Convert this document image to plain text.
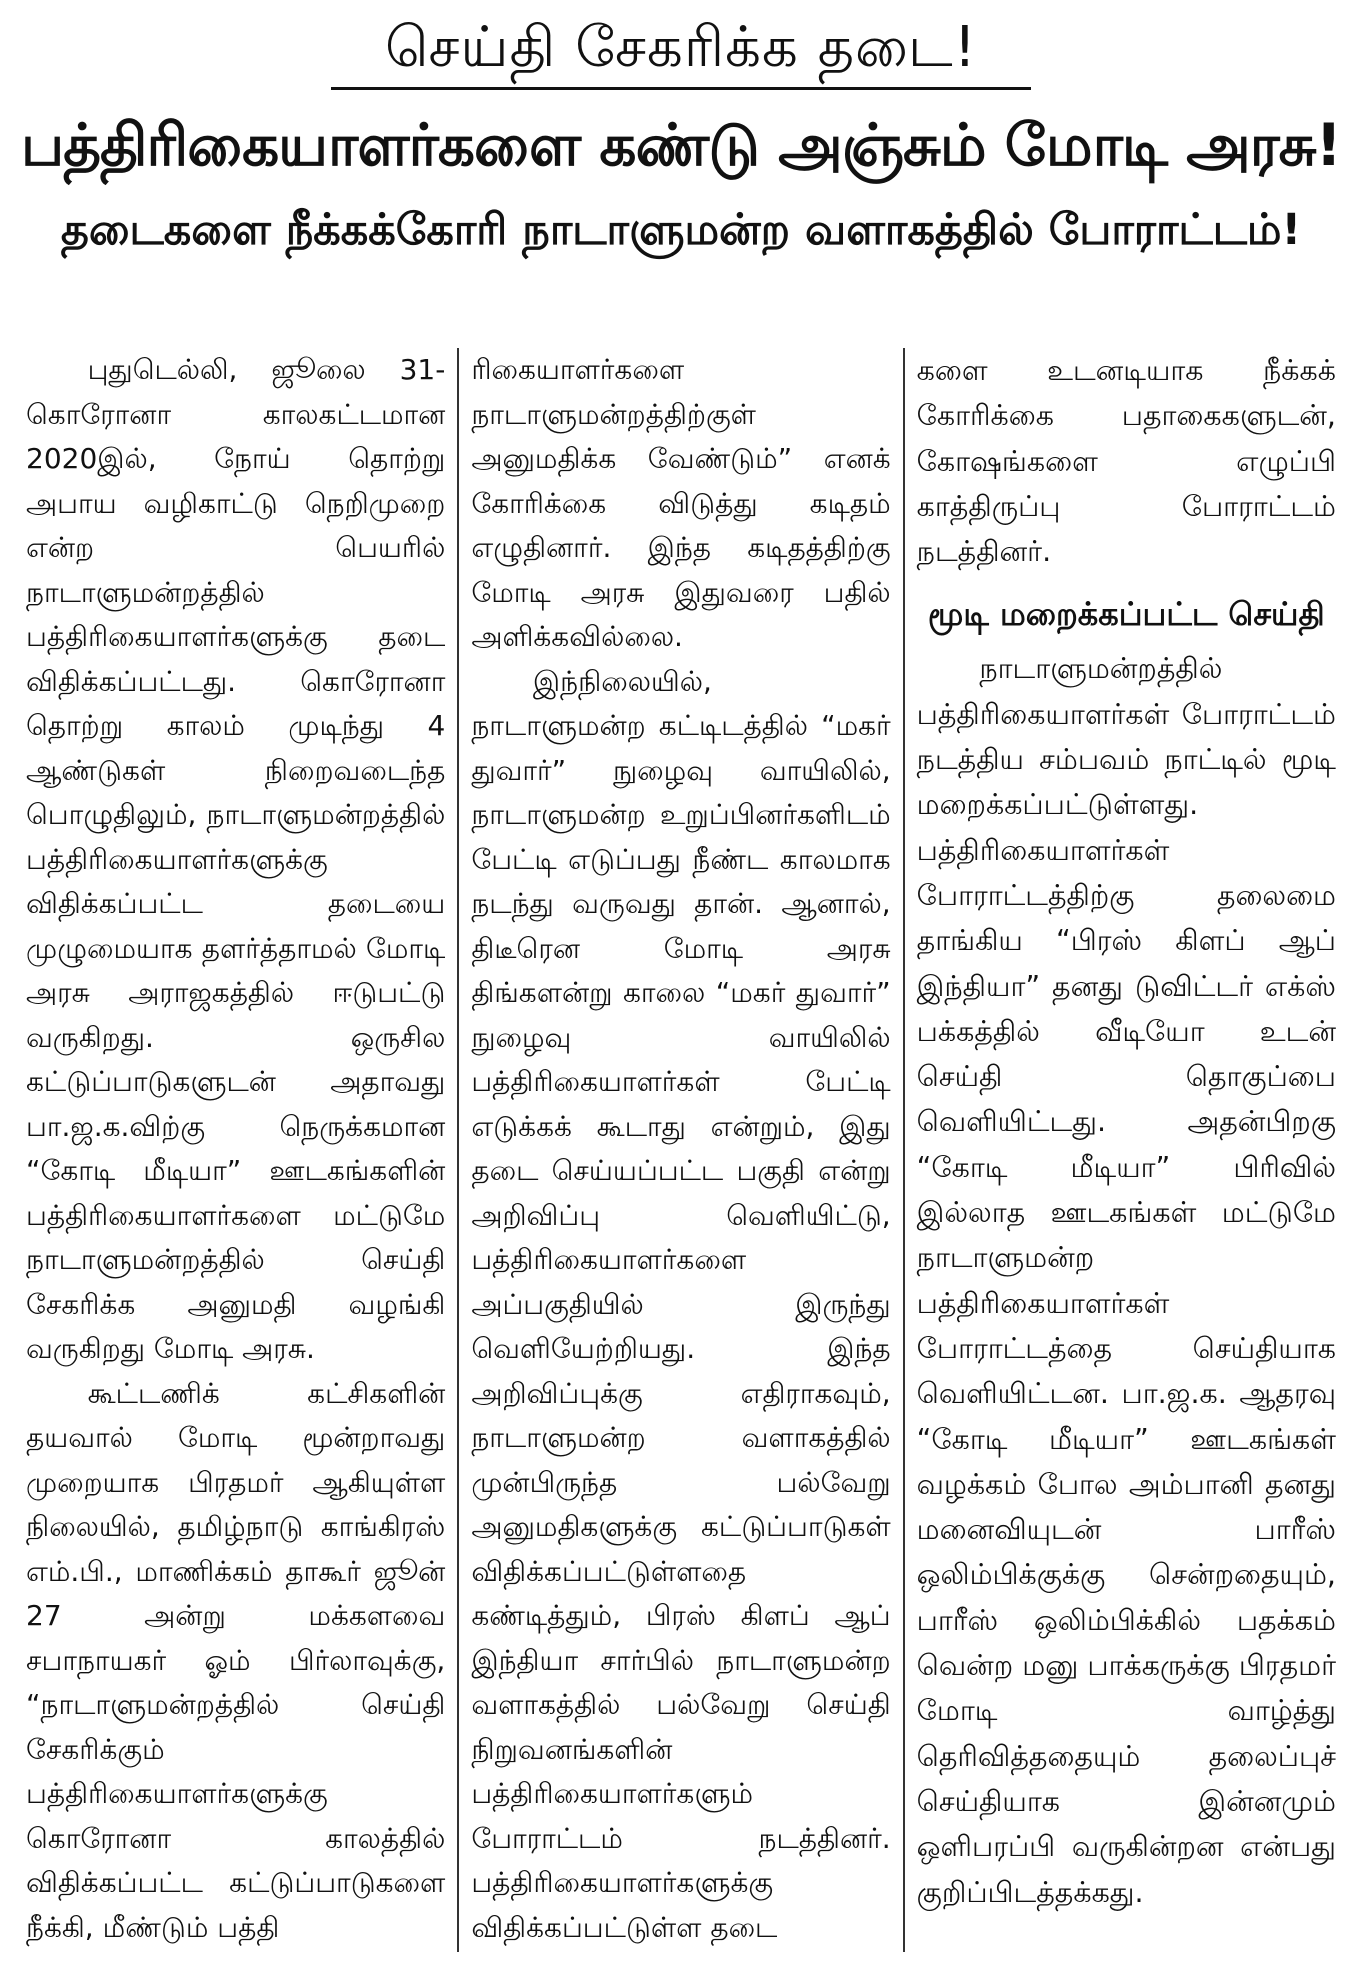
செய்தி சேகரிக்க தடை!
பத்திரிகையாளர்களை கண்டு அஞ்சும் மோடி அரசு!
தடைகளை நீக்கக்கோரி நாடாளுமன்ற வளாகத்தில் போராட்டம்!

புதுடெல்லி, ஜூலை 31- கொரோனா காலகட்டமான 2020இல், நோய் தொற்று அபாய வழிகாட்டு நெறிமுறை என்ற பெயரில் நாடாளுமன்றத்தில் பத்திரிகையாளர்களுக்கு தடை விதிக்கப்பட்டது. கொரோனா தொற்று காலம் முடிந்து 4 ஆண்டுகள் நிறைவடைந்த பொழுதிலும், நாடாளுமன்றத்தில் பத்திரிகையாளர்களுக்கு விதிக்கப்பட்ட தடையை முழுமையாக தளர்த்தாமல் மோடி அரசு அராஜகத்தில் ஈடுபட்டு வருகிறது. ஒருசில கட்டுப்பாடுகளுடன் அதாவது பா.ஜ.க.விற்கு நெருக்கமான “கோடி மீடியா” ஊடகங்களின் பத்திரிகையாளர்களை மட்டுமே நாடாளுமன்றத்தில் செய்தி சேகரிக்க அனுமதி வழங்கி வருகிறது மோடி அரசு.

கூட்டணிக் கட்சிகளின் தயவால் மோடி மூன்றாவது முறையாக பிரதமர் ஆகியுள்ள நிலையில், தமிழ்நாடு காங்கிரஸ் எம்.பி., மாணிக்கம் தாகூர் ஜூன் 27 அன்று மக்களவை சபாநாயகர் ஓம் பிர்லாவுக்கு, “நாடாளுமன்றத்தில் செய்தி சேகரிக்கும் பத்திரிகையாளர்களுக்கு கொரோனா காலத்தில் விதிக்கப்பட்ட கட்டுப்பாடுகளை நீக்கி, மீண்டும் பத்தி

ரிகையாளர்களை நாடாளுமன்றத்திற்குள் அனுமதிக்க வேண்டும்” எனக் கோரிக்கை விடுத்து கடிதம் எழுதினார். இந்த கடிதத்திற்கு மோடி அரசு இதுவரை பதில் அளிக்கவில்லை.

இந்நிலையில், நாடாளுமன்ற கட்டிடத்தில் “மகர் துவார்” நுழைவு வாயிலில், நாடாளுமன்ற உறுப்பினர்களிடம் பேட்டி எடுப்பது நீண்ட காலமாக நடந்து வருவது தான். ஆனால், திடீரென மோடி அரசு திங்களன்று காலை “மகர் துவார்” நுழைவு வாயிலில் பத்திரிகையாளர்கள் பேட்டி எடுக்கக் கூடாது என்றும், இது தடை செய்யப்பட்ட பகுதி என்று அறிவிப்பு வெளியிட்டு, பத்திரிகையாளர்களை அப்பகுதியில் இருந்து வெளியேற்றியது. இந்த அறிவிப்புக்கு எதிராகவும், நாடாளுமன்ற வளாகத்தில் முன்பிருந்த பல்வேறு அனுமதிகளுக்கு கட்டுப்பாடுகள் விதிக்கப்பட்டுள்ளதை கண்டித்தும், பிரஸ் கிளப் ஆப் இந்தியா சார்பில் நாடாளுமன்ற வளாகத்தில் பல்வேறு செய்தி நிறுவனங்களின் பத்திரிகையாளர்களும் போராட்டம் நடத்தினர். பத்திரிகையாளர்களுக்கு விதிக்கப்பட்டுள்ள தடை

களை உடனடியாக நீக்கக் கோரிக்கை பதாகைகளுடன், கோஷங்களை எழுப்பி காத்திருப்பு போராட்டம் நடத்தினர்.

மூடி மறைக்கப்பட்ட செய்தி

நாடாளுமன்றத்தில் பத்திரிகையாளர்கள் போராட்டம் நடத்திய சம்பவம் நாட்டில் மூடி மறைக்கப்பட்டுள்ளது. பத்திரிகையாளர்கள் போராட்டத்திற்கு தலைமை தாங்கிய “பிரஸ் கிளப் ஆப் இந்தியா” தனது டுவிட்டர் எக்ஸ் பக்கத்தில் வீடியோ உடன் செய்தி தொகுப்பை வெளியிட்டது. அதன்பிறகு “கோடி மீடியா” பிரிவில் இல்லாத ஊடகங்கள் மட்டுமே நாடாளுமன்ற பத்திரிகையாளர்கள் போராட்டத்தை செய்தியாக வெளியிட்டன. பா.ஜ.க. ஆதரவு “கோடி மீடியா” ஊடகங்கள் வழக்கம் போல அம்பானி தனது மனைவியுடன் பாரீஸ் ஒலிம்பிக்குக்கு சென்றதையும், பாரீஸ் ஒலிம்பிக்கில் பதக்கம் வென்ற மனு பாக்கருக்கு பிரதமர் மோடி வாழ்த்து தெரிவித்ததையும் தலைப்புச் செய்தியாக இன்னமும் ஒளிபரப்பி வருகின்றன என்பது குறிப்பிடத்தக்கது.
